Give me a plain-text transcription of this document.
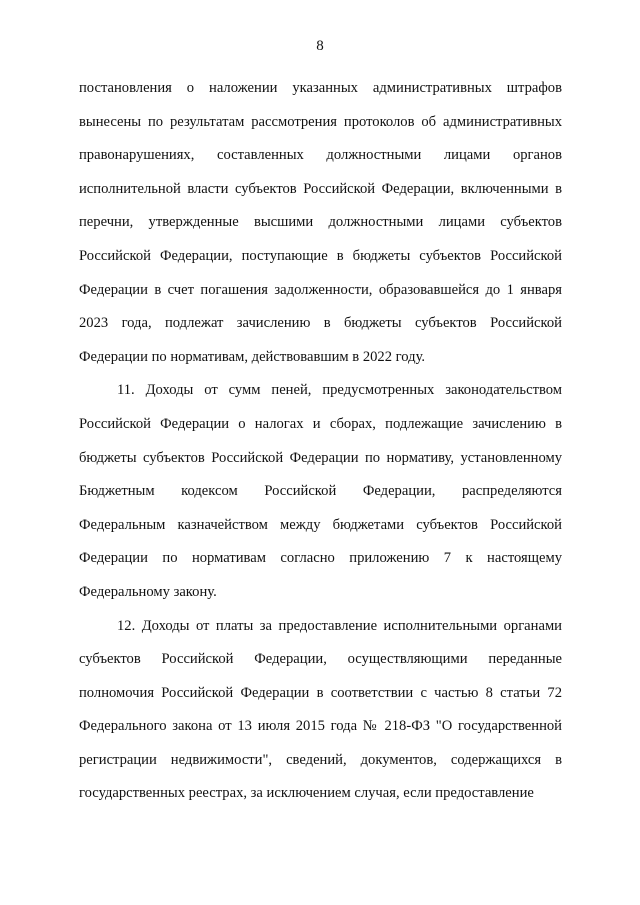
8
постановления о наложении указанных административных штрафов
вынесены по результатам рассмотрения протоколов об административных
правонарушениях, составленных должностными лицами органов
исполнительной власти субъектов Российской Федерации, включенными в
перечни, утвержденные высшими должностными лицами субъектов
Российской Федерации, поступающие в бюджеты субъектов Российской
Федерации в счет погашения задолженности, образовавшейся до 1 января
2023 года, подлежат зачислению в бюджеты субъектов Российской
Федерации по нормативам, действовавшим в 2022 году.
11. Доходы от сумм пеней, предусмотренных законодательством
Российской Федерации о налогах и сборах, подлежащие зачислению в
бюджеты субъектов Российской Федерации по нормативу, установленному
Бюджетным кодексом Российской Федерации, распределяются
Федеральным казначейством между бюджетами субъектов Российской
Федерации по нормативам согласно приложению 7 к настоящему
Федеральному закону.
12. Доходы от платы за предоставление исполнительными органами
субъектов Российской Федерации, осуществляющими переданные
полномочия Российской Федерации в соответствии с частью 8 статьи 72
Федерального закона от 13 июля 2015 года № 218-ФЗ "О государственной
регистрации недвижимости", сведений, документов, содержащихся в
государственных реестрах, за исключением случая, если предоставление
